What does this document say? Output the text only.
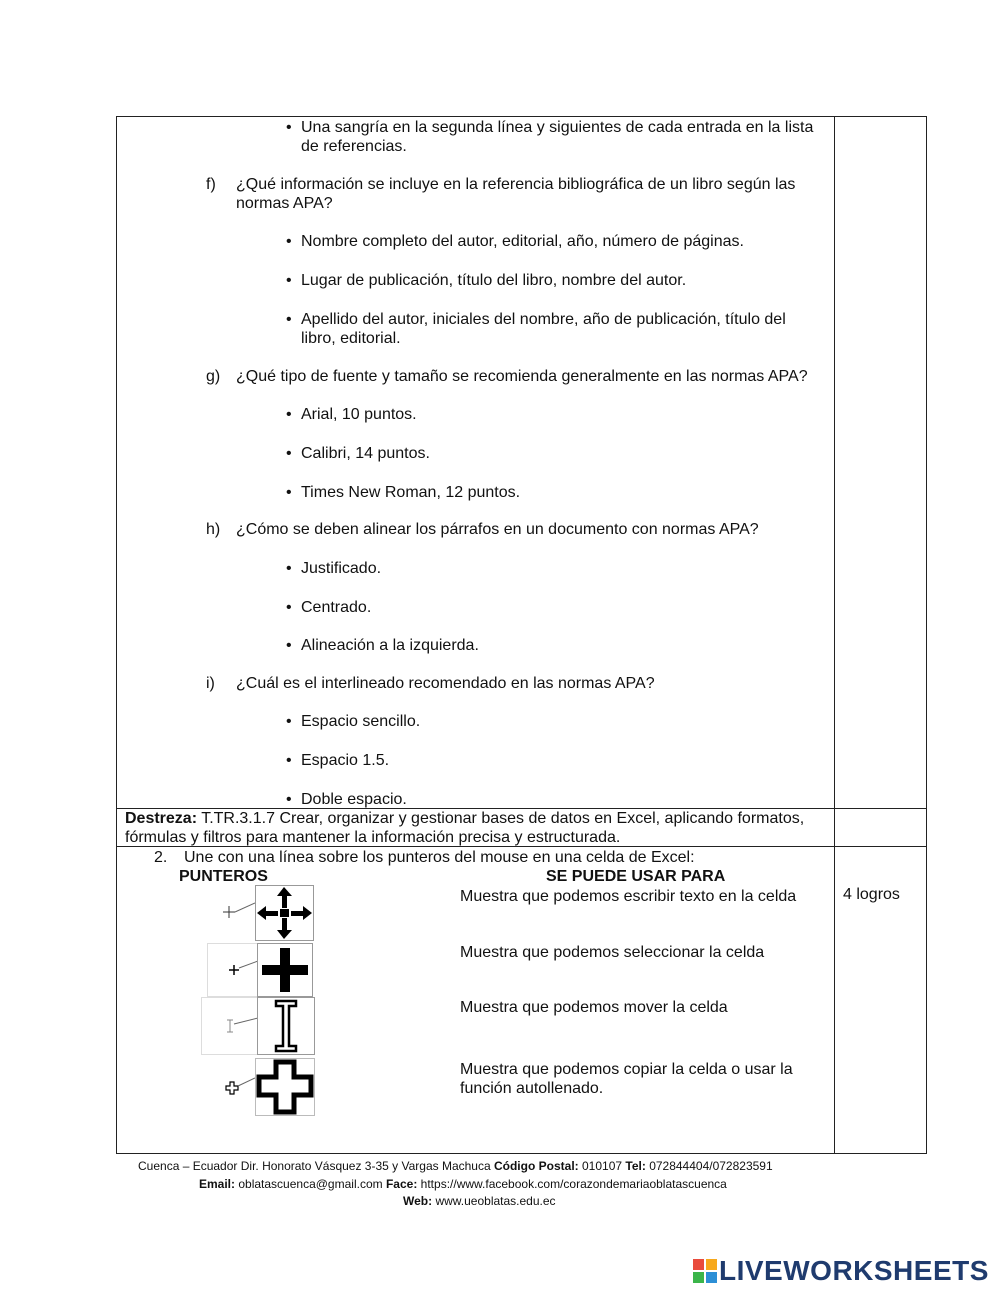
• Una sangría en la segunda línea y siguientes de cada entrada en la lista
de referencias.
f) ¿Qué información se incluye en la referencia bibliográfica de un libro según las
normas APA?
• Nombre completo del autor, editorial, año, número de páginas.
• Lugar de publicación, título del libro, nombre del autor.
• Apellido del autor, iniciales del nombre, año de publicación, título del
libro, editorial.
g) ¿Qué tipo de fuente y tamaño se recomienda generalmente en las normas APA?
• Arial, 10 puntos.
• Calibri, 14 puntos.
• Times New Roman, 12 puntos.
h) ¿Cómo se deben alinear los párrafos en un documento con normas APA?
• Justificado.
• Centrado.
• Alineación a la izquierda.
i) ¿Cuál es el interlineado recomendado en las normas APA?
• Espacio sencillo.
• Espacio 1.5.
• Doble espacio.
Destreza: T.TR.3.1.7 Crear, organizar y gestionar bases de datos en Excel, aplicando formatos,
fórmulas y filtros para mantener la información precisa y estructurada.
2. Une con una línea sobre los punteros del mouse en una celda de Excel:
PUNTEROS	SE PUEDE USAR PARA
Muestra que podemos escribir texto en la celda
Muestra que podemos seleccionar la celda
Muestra que podemos mover la celda
Muestra que podemos copiar la celda o usar la
función autollenado.
4 logros
Cuenca – Ecuador Dir. Honorato Vásquez 3-35 y Vargas Machuca Código Postal: 010107 Tel: 072844404/072823591
Email: oblatascuenca@gmail.com Face: https://www.facebook.com/corazondemariaoblatascuenca
Web: www.ueoblatas.edu.ec
LIVEWORKSHEETS
